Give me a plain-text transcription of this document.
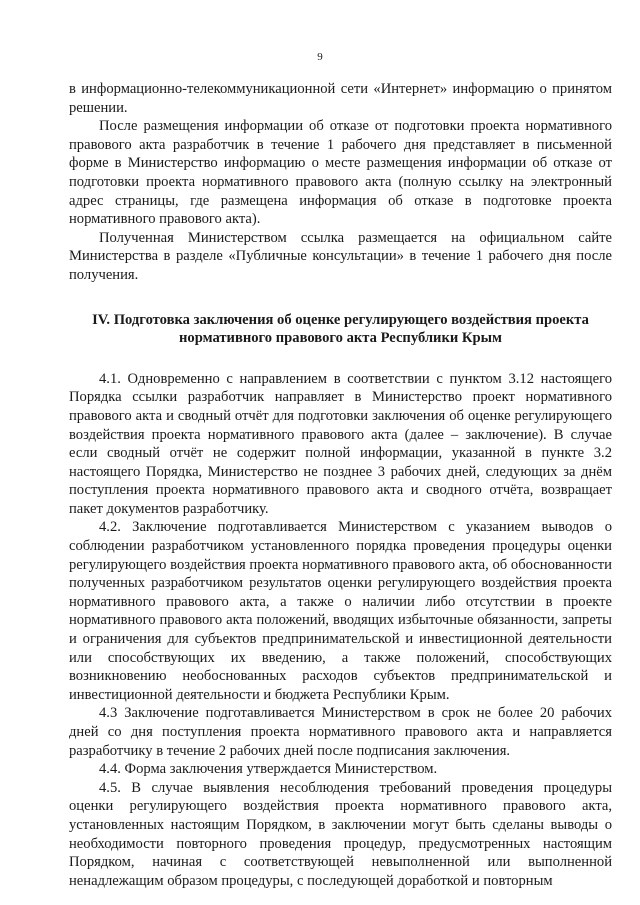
9

в информационно-телекоммуникационной сети «Интернет» информацию о принятом решении.

После размещения информации об отказе от подготовки проекта нормативного правового акта разработчик в течение 1 рабочего дня представляет в письменной форме в Министерство информацию о месте размещения информации об отказе от подготовки проекта нормативного правового акта (полную ссылку на электронный адрес страницы, где размещена информация об отказе в подготовке проекта нормативного правового акта).

Полученная Министерством ссылка размещается на официальном сайте Министерства в разделе «Публичные консультации» в течение 1 рабочего дня после получения.

IV. Подготовка заключения об оценке регулирующего воздействия проекта нормативного правового акта Республики Крым

4.1. Одновременно с направлением в соответствии с пунктом 3.12 настоящего Порядка ссылки разработчик направляет в Министерство проект нормативного правового акта и сводный отчёт для подготовки заключения об оценке регулирующего воздействия проекта нормативного правового акта (далее – заключение). В случае если сводный отчёт не содержит полной информации, указанной в пункте 3.2 настоящего Порядка, Министерство не позднее 3 рабочих дней, следующих за днём поступления проекта нормативного правового акта и сводного отчёта, возвращает пакет документов разработчику.

4.2. Заключение подготавливается Министерством с указанием выводов о соблюдении разработчиком установленного порядка проведения процедуры оценки регулирующего воздействия проекта нормативного правового акта, об обоснованности полученных разработчиком результатов оценки регулирующего воздействия проекта нормативного правового акта, а также о наличии либо отсутствии в проекте нормативного правового акта положений, вводящих избыточные обязанности, запреты и ограничения для субъектов предпринимательской и инвестиционной деятельности или способствующих их введению, а также положений, способствующих возникновению необоснованных расходов субъектов предпринимательской и инвестиционной деятельности и бюджета Республики Крым.

4.3 Заключение подготавливается Министерством в срок не более 20 рабочих дней со дня поступления проекта нормативного правового акта и направляется разработчику в течение 2 рабочих дней после подписания заключения.

4.4. Форма заключения утверждается Министерством.

4.5. В случае выявления несоблюдения требований проведения процедуры оценки регулирующего воздействия проекта нормативного правового акта, установленных настоящим Порядком, в заключении могут быть сделаны выводы о необходимости повторного проведения процедур, предусмотренных настоящим Порядком, начиная с соответствующей невыполненной или выполненной ненадлежащим образом процедуры, с последующей доработкой и повторным
